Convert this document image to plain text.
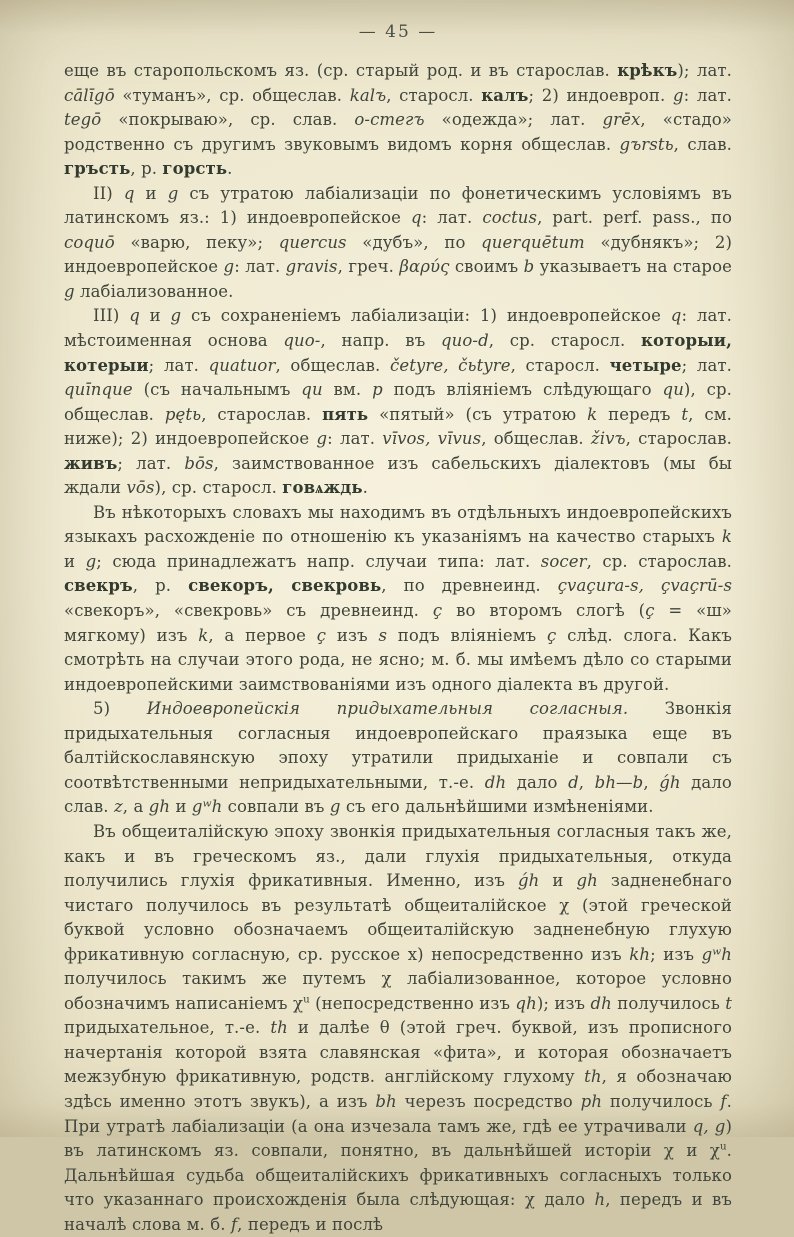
— 45 —

еще въ старопольскомъ яз. (ср. старый род. и въ старослав. крѣкъ); лат. cālīgō «туманъ», ср. общеслав. kalъ, старосл. калъ; 2) индоевроп. g: лат. tegō «покрываю», ср. слав. о-стегъ «одежда»; лат. grēx, «стадо» родственно съ другимъ звуковымъ видомъ корня общеслав. gъrstь, слав. гръсть, р. горсть.

II) q и g съ утратою лабіализаціи по фонетическимъ условіямъ въ латинскомъ яз.: 1) индоевропейское q: лат. coctus, part. perf. pass., по coquō «варю, пеку»; quercus «дубъ», по querquētum «дубнякъ»; 2) индоевропейское g: лат. gravis, греч. βαρύς своимъ b указываетъ на старое g лабіализованное.

III) q и g съ сохраненіемъ лабіализаціи: 1) индоевропейское q: лат. мѣстоименная основа quo-, напр. въ quo-d, ср. старосл. которыи, котерыи; лат. quatuor, общеслав. četyre, čьtyre, старосл. четыре; лат. quīnque (съ начальнымъ qu вм. p подъ вліяніемъ слѣдующаго qu), ср. общеслав. pętь, старослав. пять «пятый» (съ утратою k передъ t, см. ниже); 2) индоевропейское g: лат. vīvos, vīvus, общеслав. živъ, старослав. живъ; лат. bōs, заимствованное изъ сабельскихъ діалектовъ (мы бы ждали vōs), ср. старосл. говѧждь.

Въ нѣкоторыхъ словахъ мы находимъ въ отдѣльныхъ индоевропейскихъ языкахъ расхожденіе по отношенію къ указаніямъ на качество старыхъ k и g; сюда принадлежатъ напр. случаи типа: лат. socer, ср. старослав. свекръ, р. свекоръ, свекровь, по древнеинд. çvaçura-s, çvaçrū-s «свекоръ», «свекровь» съ древнеинд. ç во второмъ слогѣ (ç = «ш» мягкому) изъ k, а первое ç изъ s подъ вліяніемъ ç слѣд. слога. Какъ смотрѣть на случаи этого рода, не ясно; м. б. мы имѣемъ дѣло со старыми индоевропейскими заимствованіями изъ одного діалекта въ другой.

5) Индоевропейскія придыхательныя согласныя. Звонкія придыхательныя согласныя индоевропейскаго праязыка еще въ балтійскославянскую эпоху утратили придыханіе и совпали съ соотвѣтственными непридыхательными, т.-е. dh дало d, bh—b, ǵh дало слав. z, а gh и gʷh совпали въ g съ его дальнѣйшими измѣненіями.

Въ общеиталійскую эпоху звонкія придыхательныя согласныя такъ же, какъ и въ греческомъ яз., дали глухія придыхательныя, откуда получились глухія фрикативныя. Именно, изъ ǵh и gh задненебнаго чистаго получилось въ результатѣ общеиталійское χ (этой греческой буквой условно обозначаемъ общеиталійскую задненебную глухую фрикативную согласную, ср. русское х) непосредственно изъ kh; изъ gʷh получилось такимъ же путемъ χ лабіализованное, которое условно обозначимъ написаніемъ $\chi^u$ (непосредственно изъ qh); изъ dh получилось t придыхательное, т.-е. th и далѣе θ (этой греч. буквой, изъ прописного начертанія которой взята славянская «фита», и которая обозначаетъ межзубную фрикативную, родств. англійскому глухому th, я обозначаю здѣсь именно этотъ звукъ), а изъ bh черезъ посредство ph получилось f. При утратѣ лабіализаціи (а она изчезала тамъ же, гдѣ ее утрачивали q, g) въ латинскомъ яз. совпали, понятно, въ дальнѣйшей исторіи χ и $\chi^u$. Дальнѣйшая судьба общеиталійскихъ фрикативныхъ согласныхъ только что указаннаго происхожденія была слѣдующая: χ дало h, передъ и въ началѣ слова м. б. f, передъ и послѣ
